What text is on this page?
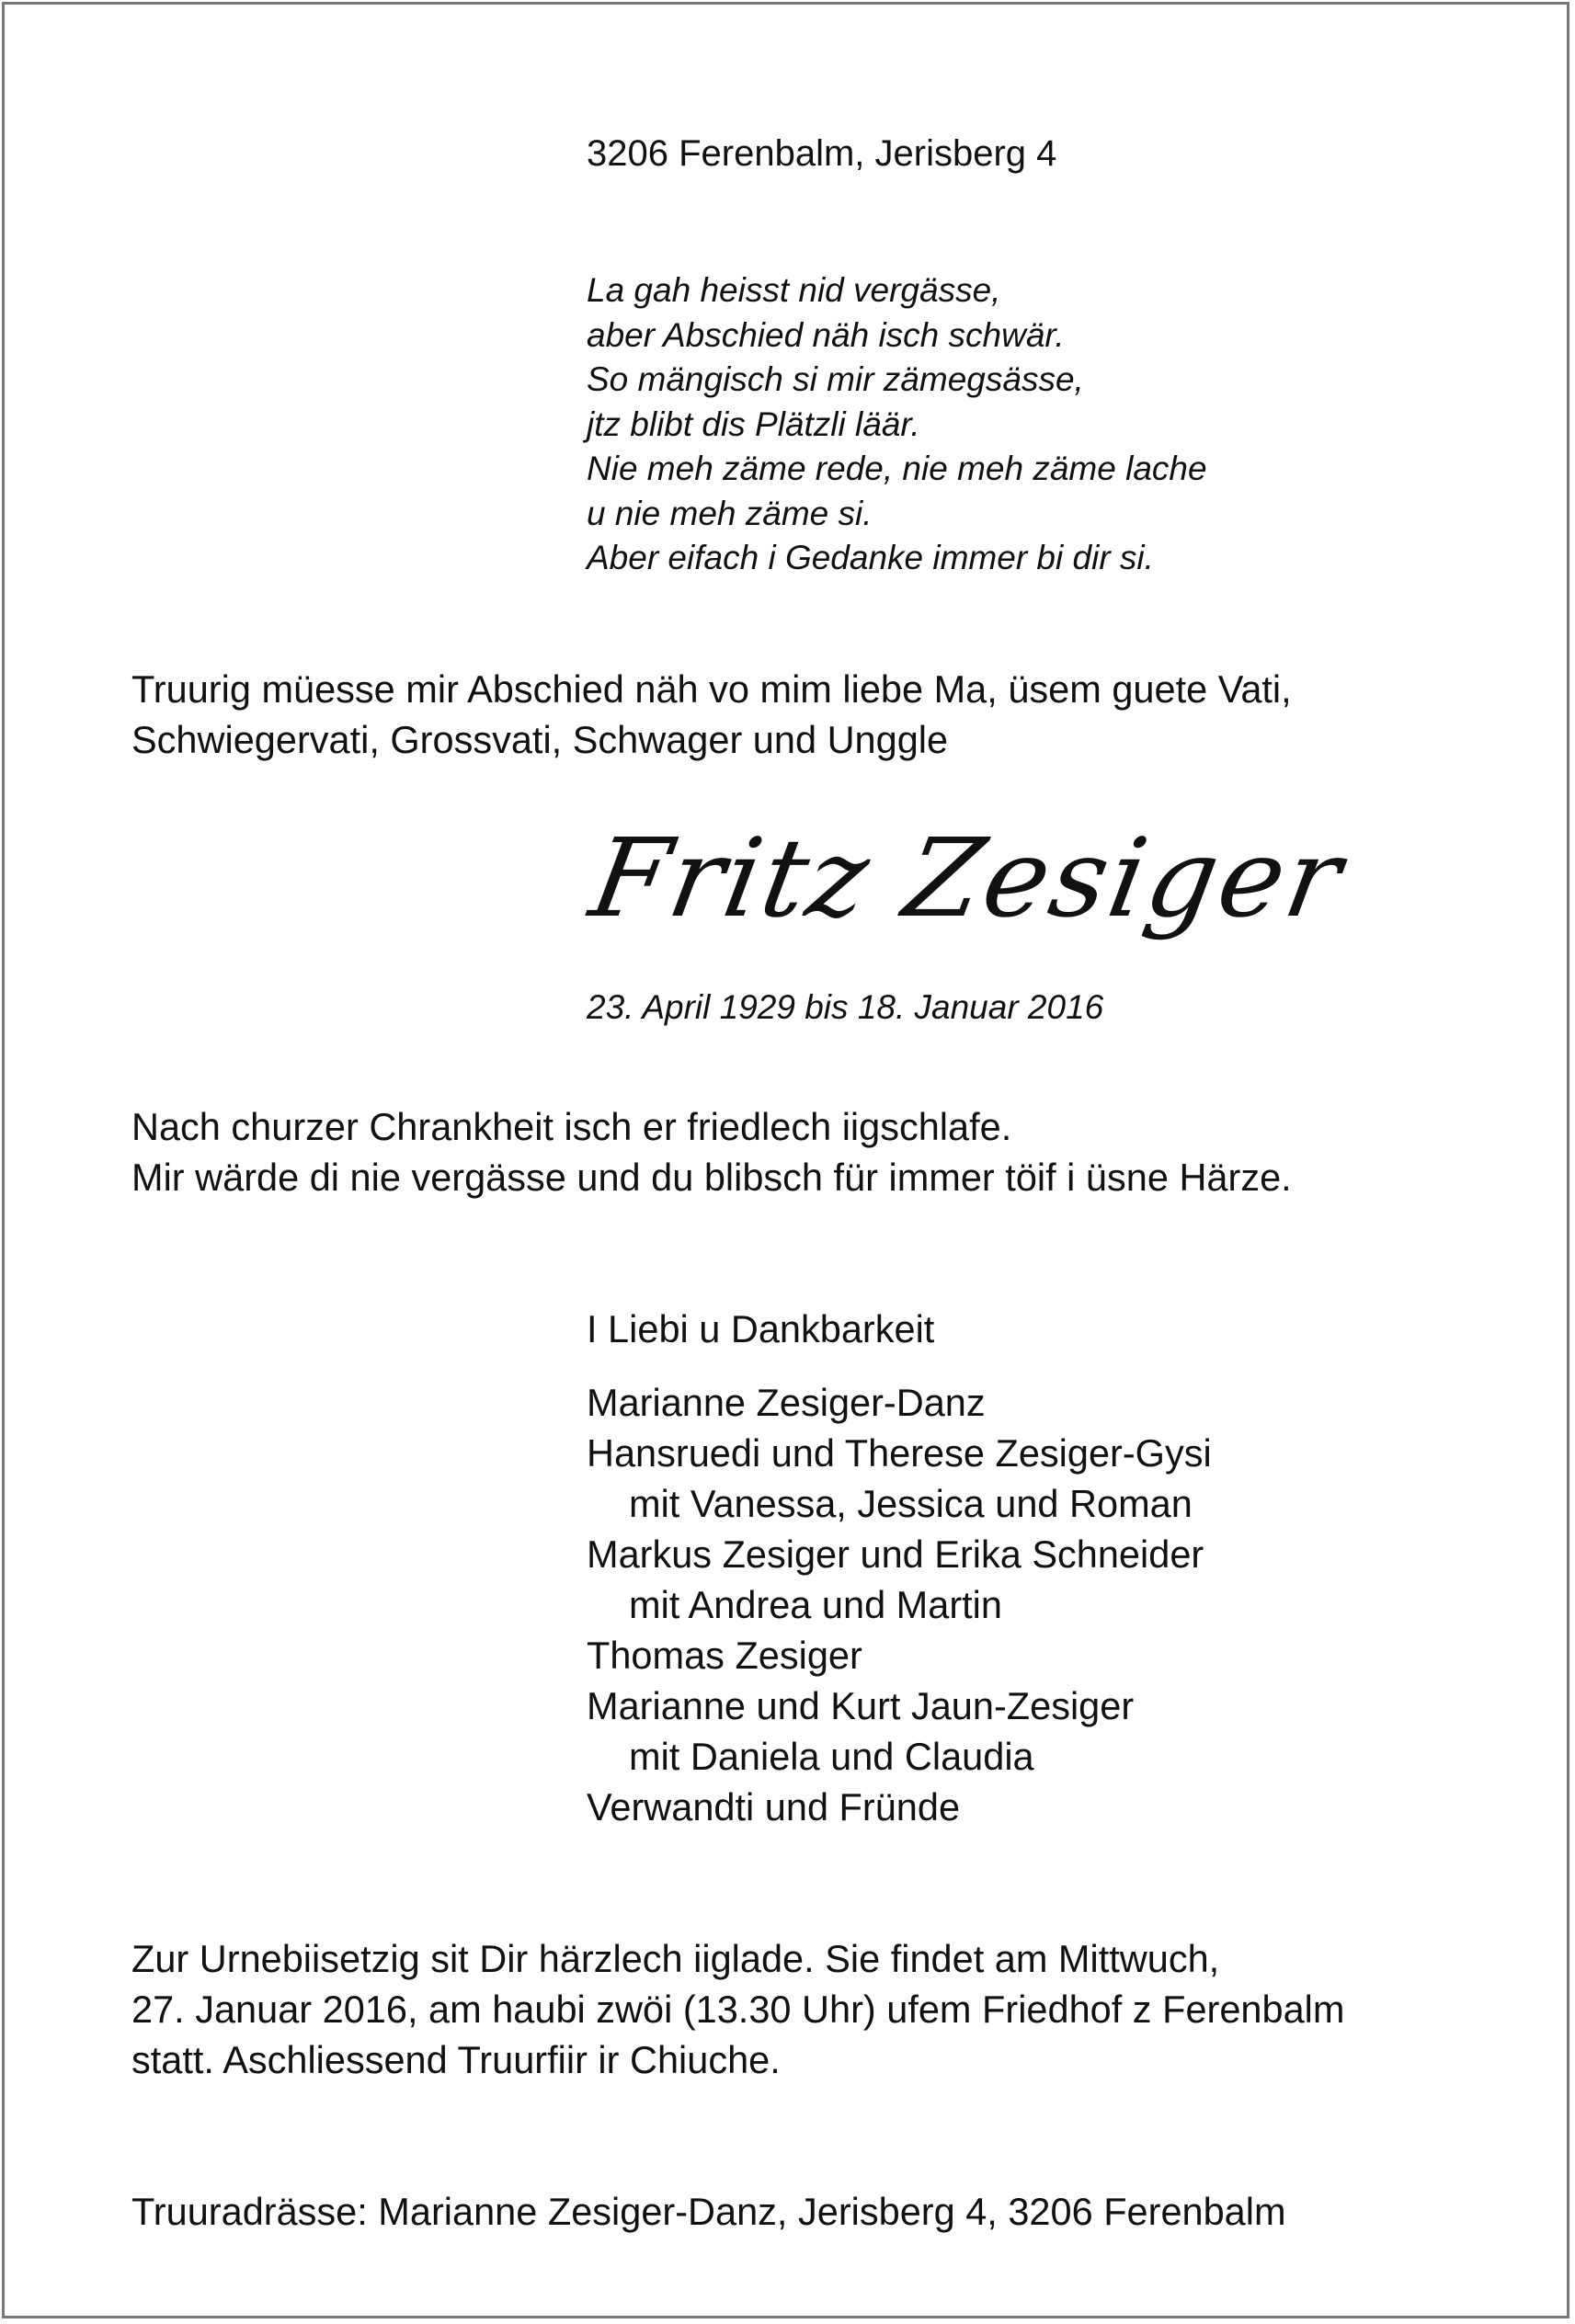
3206 Ferenbalm, Jerisberg 4
La gah heisst nid vergässe,
aber Abschied näh isch schwär.
So mängisch si mir zämegsässe,
jtz blibt dis Plätzli läär.
Nie meh zäme rede, nie meh zäme lache
u nie meh zäme si.
Aber eifach i Gedanke immer bi dir si.
Truurig müesse mir Abschied näh vo mim liebe Ma, üsem guete Vati,
Schwiegervati, Grossvati, Schwager und Unggle
Fritz Zesiger
23. April 1929 bis 18. Januar 2016
Nach churzer Chrankheit isch er friedlech iigschlafe.
Mir wärde di nie vergässe und du blibsch für immer töif i üsne Härze.
I Liebi u Dankbarkeit
Marianne Zesiger-Danz
Hansruedi und Therese Zesiger-Gysi
mit Vanessa, Jessica und Roman
Markus Zesiger und Erika Schneider
mit Andrea und Martin
Thomas Zesiger
Marianne und Kurt Jaun-Zesiger
mit Daniela und Claudia
Verwandti und Fründe
Zur Urnebiisetzig sit Dir härzlech iiglade. Sie findet am Mittwuch,
27. Januar 2016, am haubi zwöi (13.30 Uhr) ufem Friedhof z Ferenbalm
statt. Aschliessend Truurfiir ir Chiuche.
Truuradrässe: Marianne Zesiger-Danz, Jerisberg 4, 3206 Ferenbalm
